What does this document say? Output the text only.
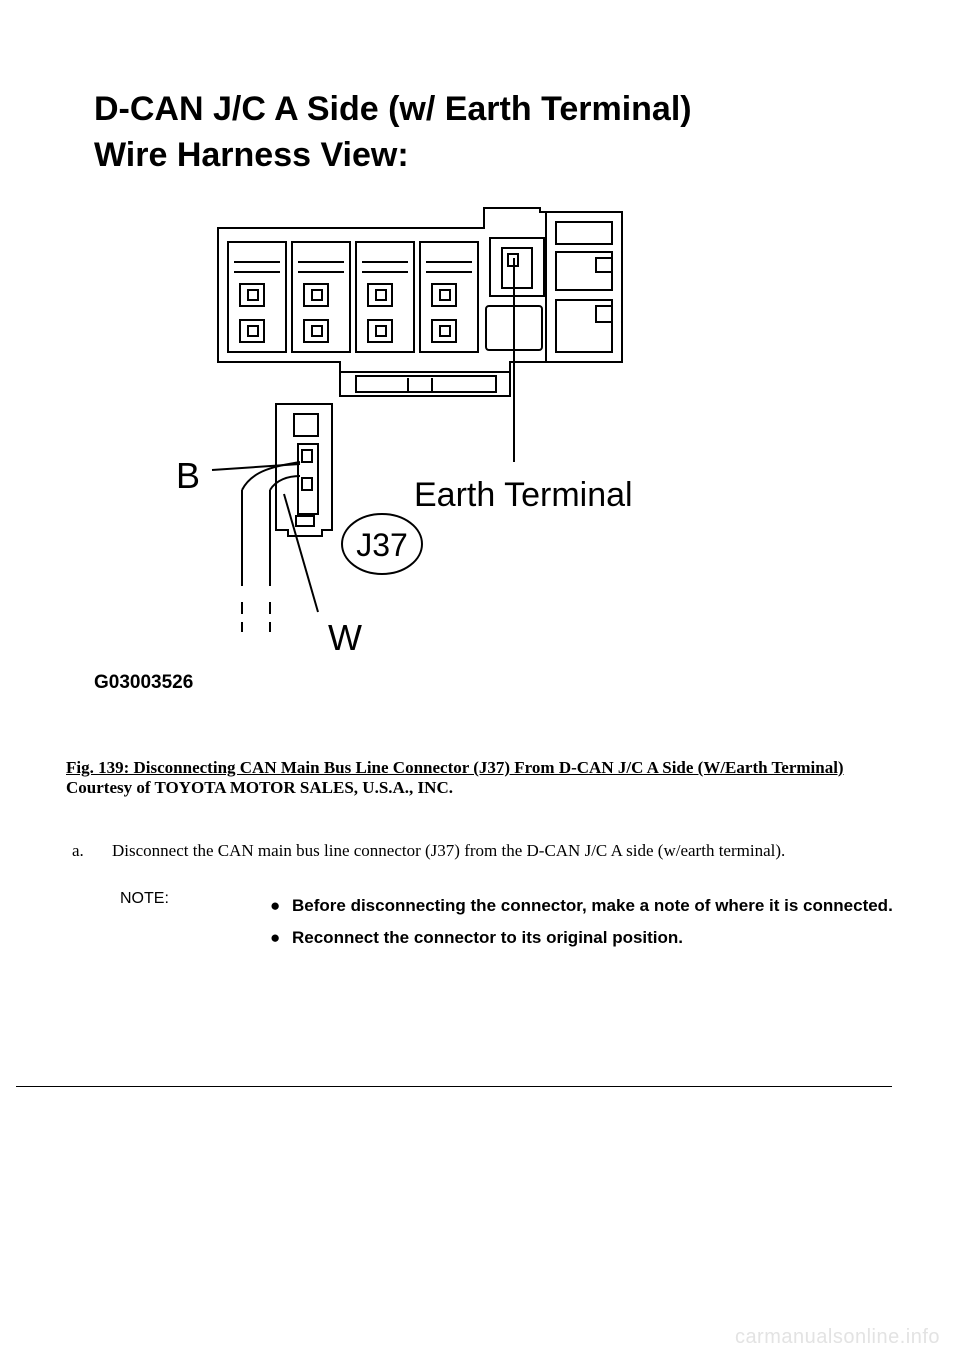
D-CAN J/C A Side (w/ Earth Terminal)
Wire Harness View:
B
W
Earth Terminal
J37
G03003526
Fig. 139: Disconnecting CAN Main Bus Line Connector (J37) From D-CAN J/C A Side (W/Earth Terminal)
Courtesy of TOYOTA MOTOR SALES, U.S.A., INC.
a. Disconnect the CAN main bus line connector (J37) from the D-CAN J/C A side (w/earth terminal).
NOTE:	● Before disconnecting the connector, make a note of where it is connected.
● Reconnect the connector to its original position.
carmanualsonline.info
